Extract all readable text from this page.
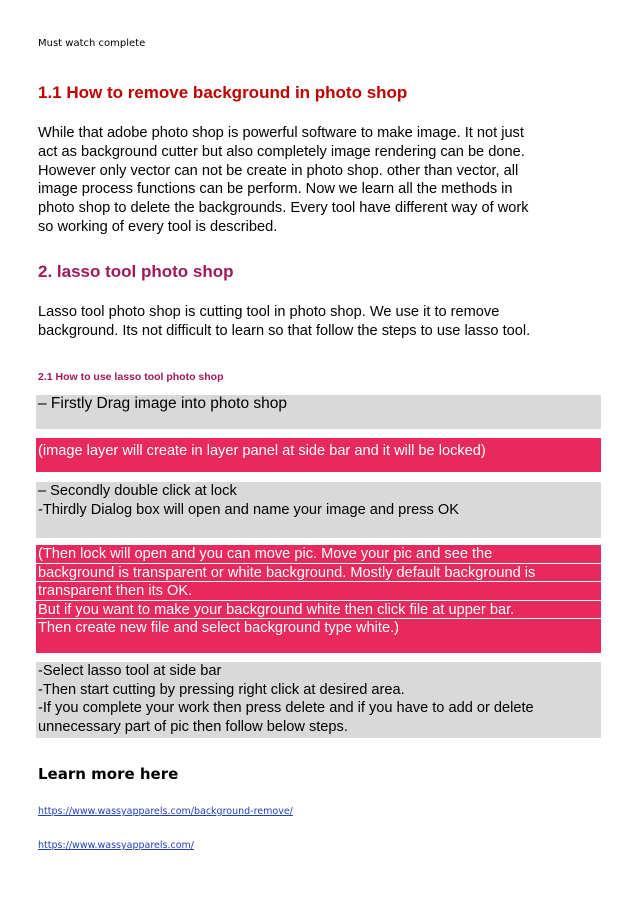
Must watch complete
1.1 How to remove background in photo shop
While that adobe photo shop is powerful software to make image. It not just
act as background cutter but also completely image rendering can be done.
However only vector can not be create in photo shop. other than vector, all
image process functions can be perform. Now we learn all the methods in
photo shop to delete the backgrounds. Every tool have different way of work
so working of every tool is described.
2. lasso tool photo shop
Lasso tool photo shop is cutting tool in photo shop. We use it to remove
background. Its not difficult to learn so that follow the steps to use lasso tool.
2.1 How to use lasso tool photo shop
– Firstly Drag image into photo shop
(image layer will create in layer panel at side bar and it will be locked)
– Secondly double click at lock
-Thirdly Dialog box will open and name your image and press OK
(Then lock will open and you can move pic. Move your pic and see the
background is transparent or white background. Mostly default background is
transparent then its OK.
But if you want to make your background white then click file at upper bar.
Then create new file and select background type white.)
-Select lasso tool at side bar
-Then start cutting by pressing right click at desired area.
-If you complete your work then press delete and if you have to add or delete
unnecessary part of pic then follow below steps.
Learn more here
https://www.wassyapparels.com/background-remove/
https://www.wassyapparels.com/
